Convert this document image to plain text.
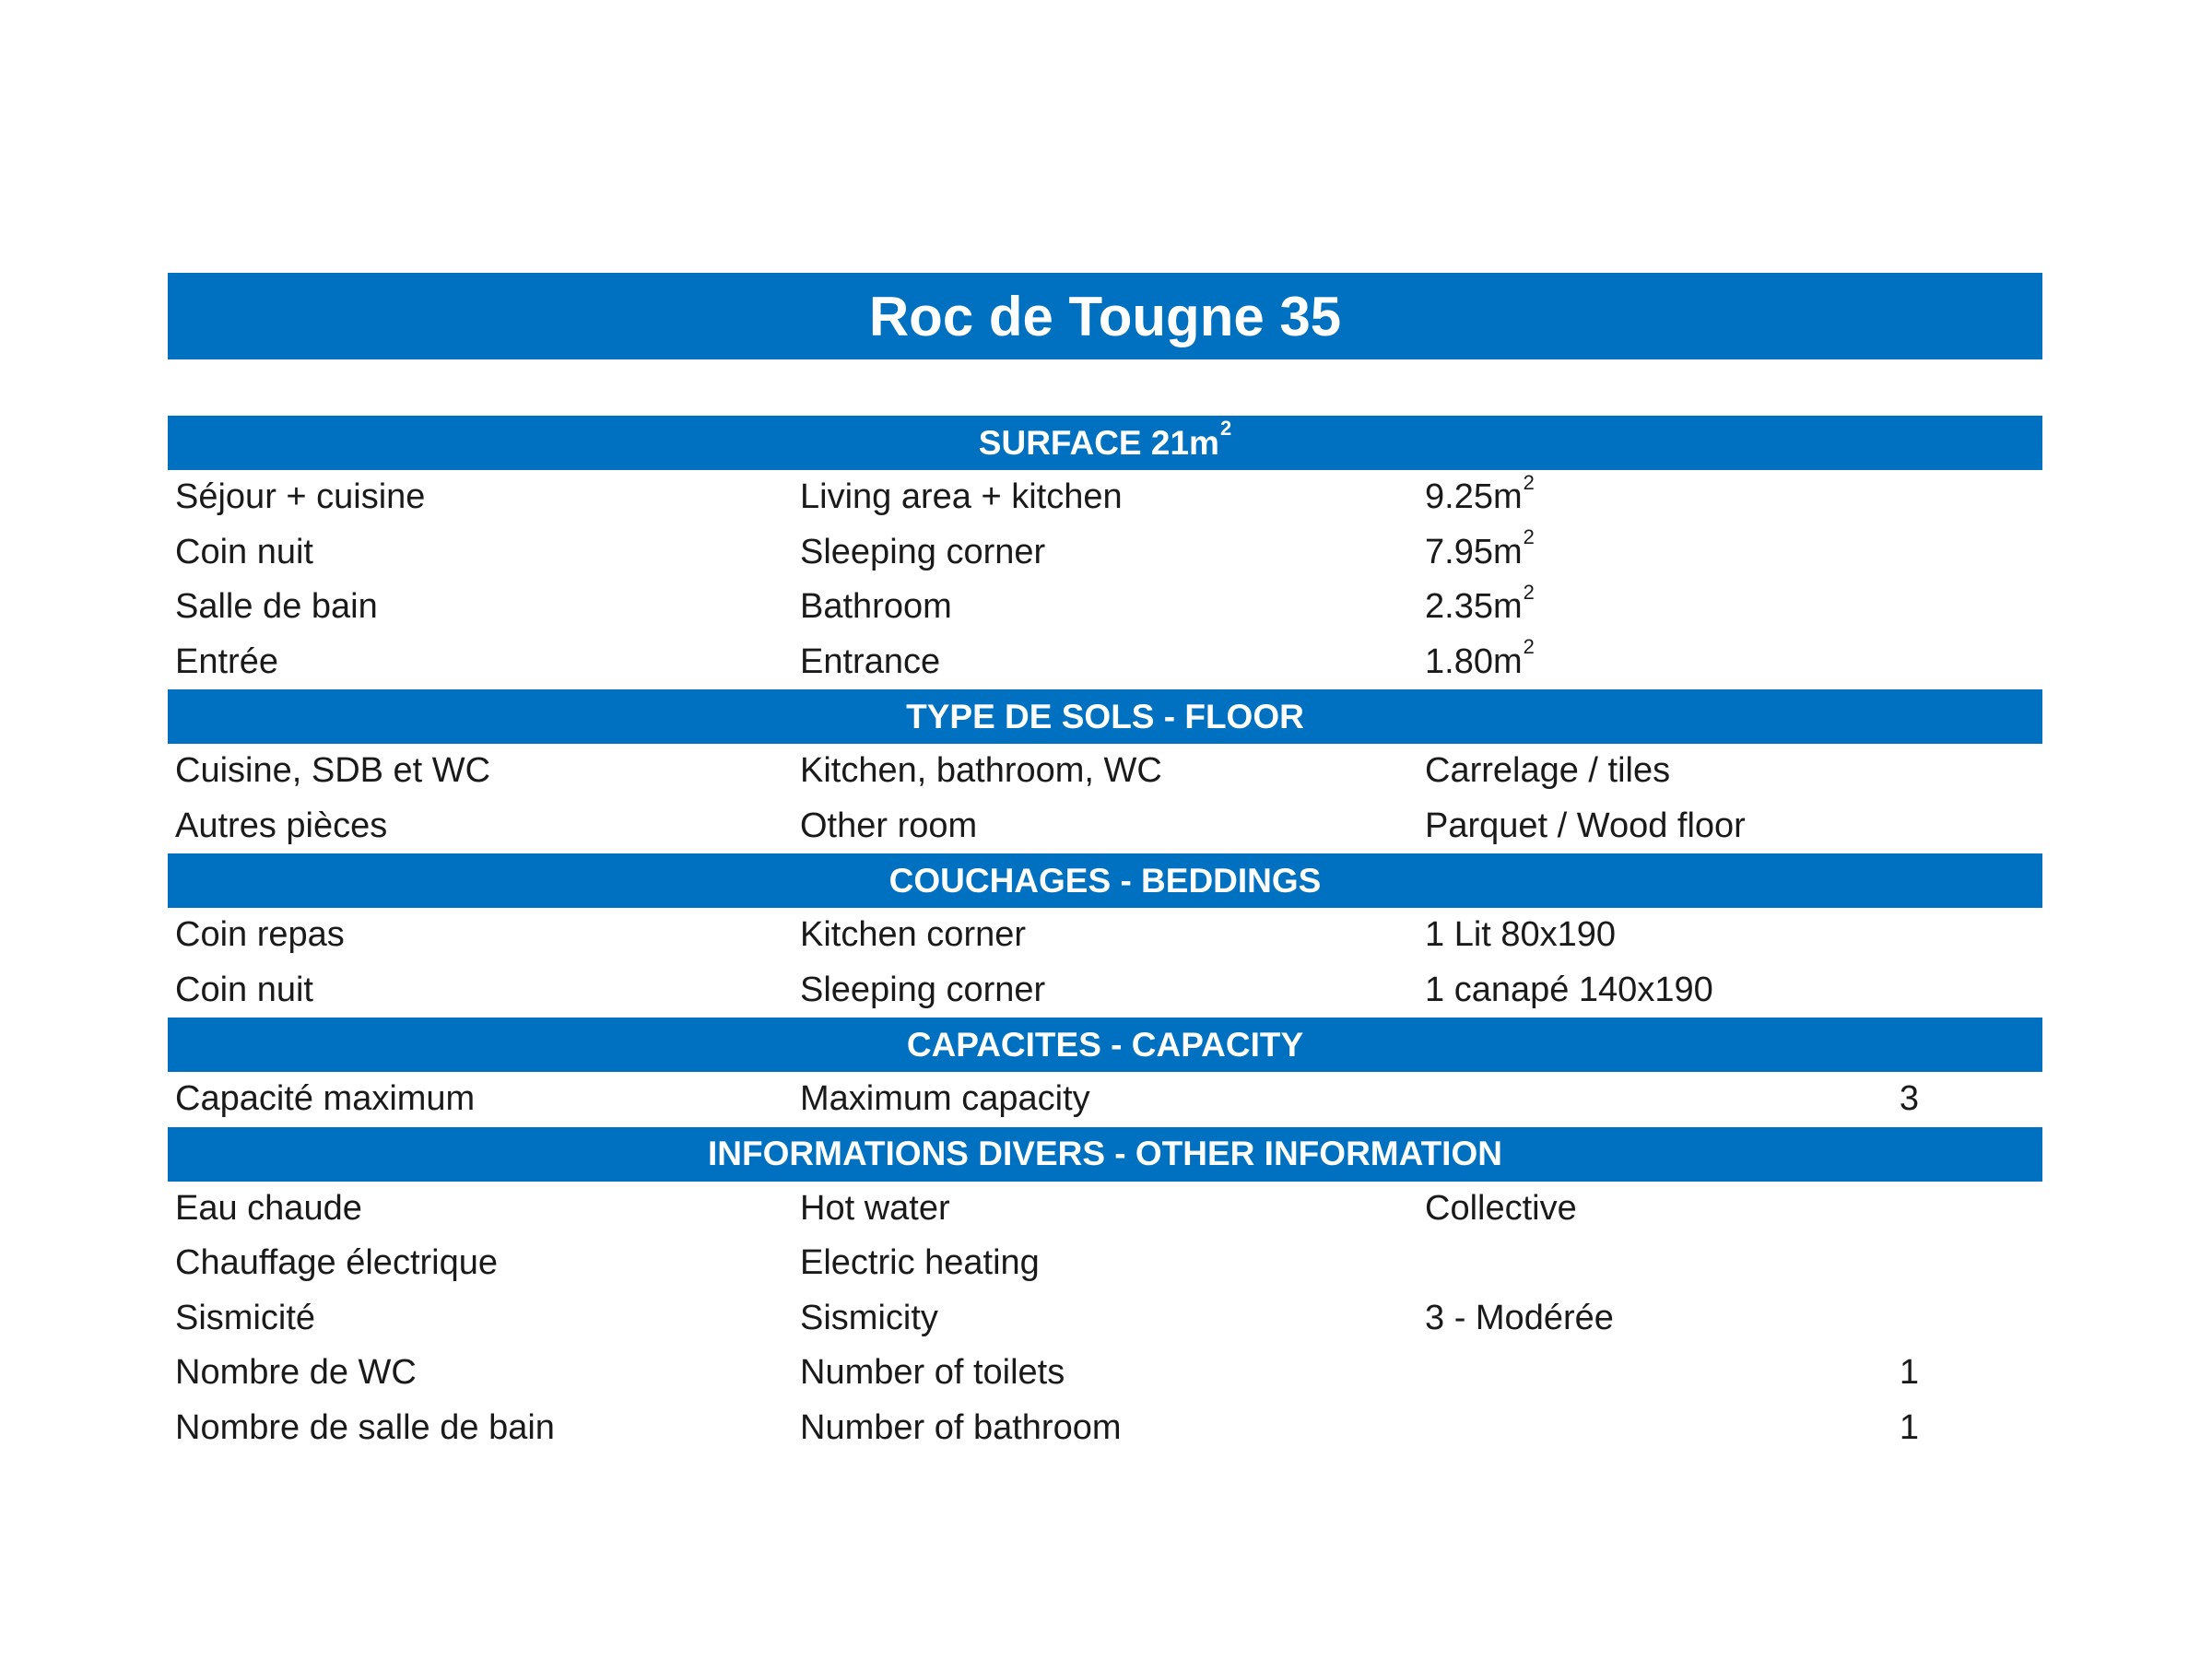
Roc de Tougne 35
SURFACE $21m^2$
Séjour + cuisine	Living area + kitchen	$9.25m^2$
Coin nuit	Sleeping corner	$7.95m^2$
Salle de bain	Bathroom	$2.35m^2$
Entrée	Entrance	$1.80m^2$
TYPE DE SOLS - FLOOR
Cuisine, SDB et WC	Kitchen, bathroom, WC	Carrelage / tiles
Autres pièces	Other room	Parquet / Wood floor
COUCHAGES - BEDDINGS
Coin repas	Kitchen corner	1 Lit 80x190
Coin nuit	Sleeping corner	1 canapé 140x190
CAPACITES - CAPACITY
Capacité maximum	Maximum capacity	3
INFORMATIONS DIVERS - OTHER INFORMATION
Eau chaude	Hot water	Collective
Chauffage électrique	Electric heating
Sismicité	Sismicity	3 - Modérée
Nombre de WC	Number of toilets	1
Nombre de salle de bain	Number of bathroom	1
